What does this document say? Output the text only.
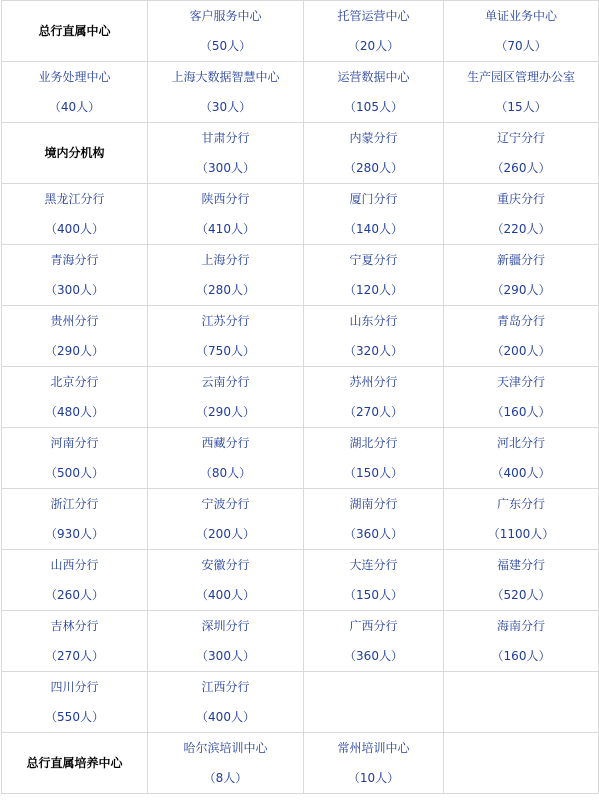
总行直属中心	客户服务中心
（50人）	托管运营中心
（20人）	单证业务中心
（70人）

业务处理中心
（40人）	上海大数据智慧中心
（30人）	运营数据中心
（105人）	生产园区管理办公室
（15人）

境内分机构	甘肃分行
（300人）	内蒙分行
（280人）	辽宁分行
（260人）

黑龙江分行
（400人）	陕西分行
（410人）	厦门分行
（140人）	重庆分行
（220人）

青海分行
（300人）	上海分行
（280人）	宁夏分行
（120人）	新疆分行
（290人）

贵州分行
（290人）	江苏分行
（750人）	山东分行
（320人）	青岛分行
（200人）

北京分行
（480人）	云南分行
（290人）	苏州分行
（270人）	天津分行
（160人）

河南分行
（500人）	西藏分行
（80人）	湖北分行
（150人）	河北分行
（400人）

浙江分行
（930人）	宁波分行
（200人）	湖南分行
（360人）	广东分行
（1100人）

山西分行
（260人）	安徽分行
（400人）	大连分行
（150人）	福建分行
（520人）

吉林分行
（270人）	深圳分行
（300人）	广西分行
（360人）	海南分行
（160人）

四川分行
（550人）	江西分行
（400人）		

总行直属培养中心	哈尔滨培训中心
（8人）	常州培训中心
（10人）	
